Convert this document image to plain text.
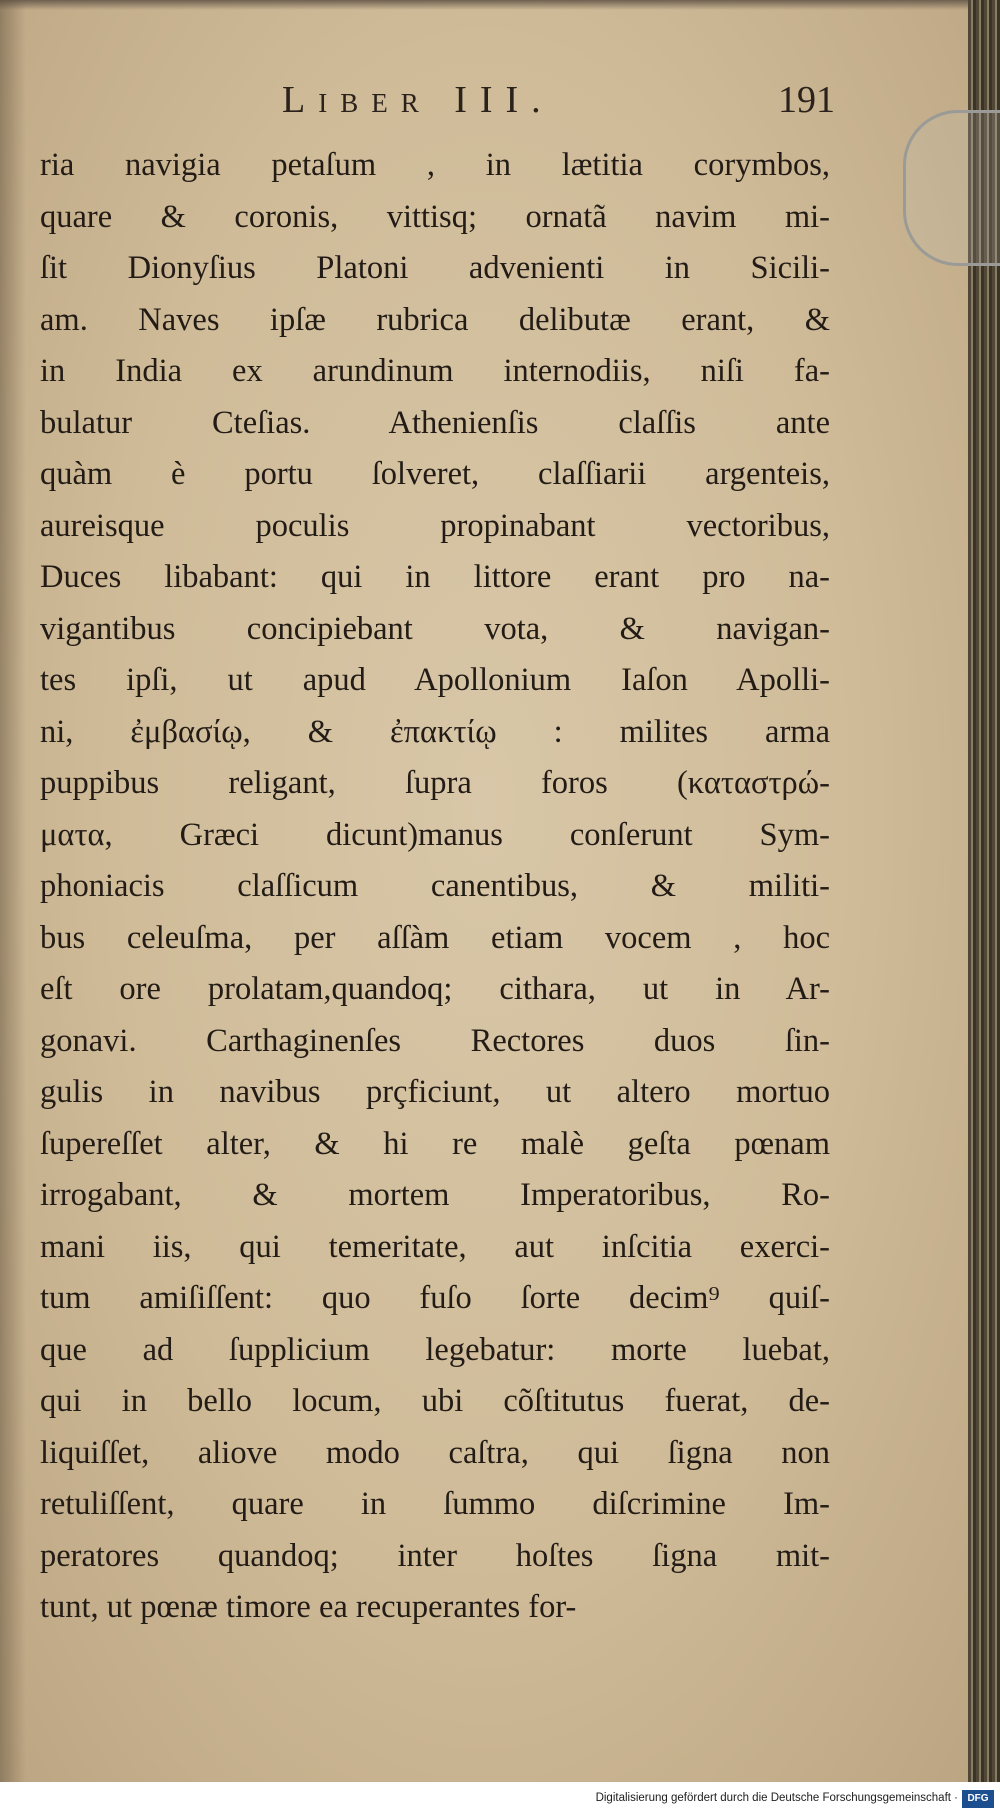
Liber III.	191
ria navigia petaſum , in lætitia corymbos,
quare & coronis, vittisq; ornatã navim mi-
ſit Dionyſius Platoni advenienti in Sicili-
am. Naves ipſæ rubrica delibutæ erant, &
in India ex arundinum internodiis, niſi fa-
bulatur Cteſias. Athenienſis claſſis ante
quàm è portu ſolveret, claſſiarii argenteis,
aureisque poculis propinabant vectoribus,
Duces libabant: qui in littore erant pro na-
vigantibus concipiebant vota, & navigan-
tes ipſi, ut apud Apollonium Iaſon Apolli-
ni, ἐμβασίῳ, & ἐπακτίῳ : milites arma
puppibus religant, ſupra foros (καταστρώ-
ματα, Græci dicunt)manus conſerunt Sym-
phoniacis claſſicum canentibus, & militi-
bus celeuſma, per aſſàm etiam vocem , hoc
eſt ore prolatam,quandoq; cithara, ut in Ar-
gonavi. Carthaginenſes Rectores duos ſin-
gulis in navibus prçficiunt, ut altero mortuo
ſupereſſet alter, & hi re malè geſta pœnam
irrogabant, & mortem Imperatoribus, Ro-
mani iis, qui temeritate, aut inſcitia exerci-
tum amiſiſſent: quo fuſo ſorte decim⁹ quiſ-
que ad ſupplicium legebatur: morte luebat,
qui in bello locum, ubi cõſtitutus fuerat, de-
liquiſſet, aliove modo caſtra, qui ſigna non
retuliſſent, quare in ſummo diſcrimine Im-
peratores quandoq; inter hoſtes ſigna mit-
tunt, ut pœnæ timore ea recuperantes for-
Digitalisierung gefördert durch die Deutsche Forschungsgemeinschaft · DFG
